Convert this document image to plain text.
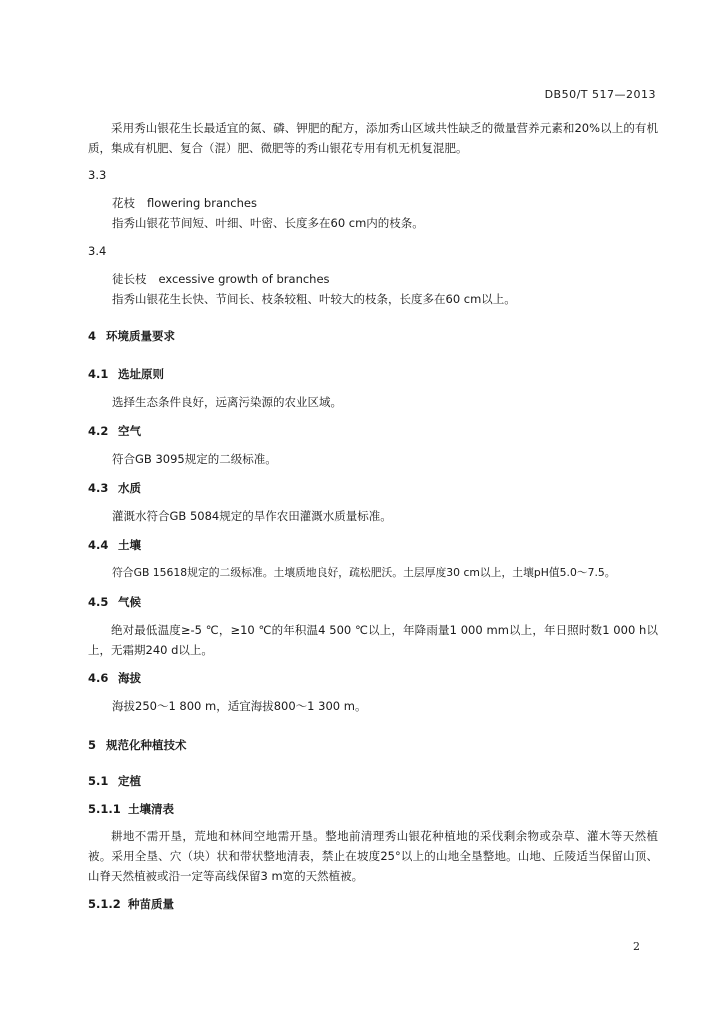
DB50/T 517—2013
采用秀山银花生长最适宜的氮、磷、钾肥的配方，添加秀山区域共性缺乏的微量营养元素和20%以上的有机质，集成有机肥、复合（混）肥、微肥等的秀山银花专用有机无机复混肥。
3.3
花枝 flowering branches
指秀山银花节间短、叶细、叶密、长度多在60 cm内的枝条。
3.4
徒长枝 excessive growth of branches
指秀山银花生长快、节间长、枝条较粗、叶较大的枝条，长度多在60 cm以上。
4 环境质量要求
4.1 选址原则
选择生态条件良好，远离污染源的农业区域。
4.2 空气
符合GB 3095规定的二级标准。
4.3 水质
灌溉水符合GB 5084规定的旱作农田灌溉水质量标准。
4.4 土壤
符合GB 15618规定的二级标准。土壤质地良好，疏松肥沃。土层厚度30 cm以上，土壤pH值5.0～7.5。
4.5 气候
绝对最低温度≥-5 ℃，≥10 ℃的年积温4 500 ℃以上，年降雨量1 000 mm以上，年日照时数1 000 h以上，无霜期240 d以上。
4.6 海拔
海拔250～1 800 m，适宜海拔800～1 300 m。
5 规范化种植技术
5.1 定植
5.1.1 土壤清表
耕地不需开垦，荒地和林间空地需开垦。整地前清理秀山银花种植地的采伐剩余物或杂草、灌木等天然植被。采用全垦、穴（块）状和带状整地清表，禁止在坡度25°以上的山地全垦整地。山地、丘陵适当保留山顶、山脊天然植被或沿一定等高线保留3 m宽的天然植被。
5.1.2 种苗质量
2
